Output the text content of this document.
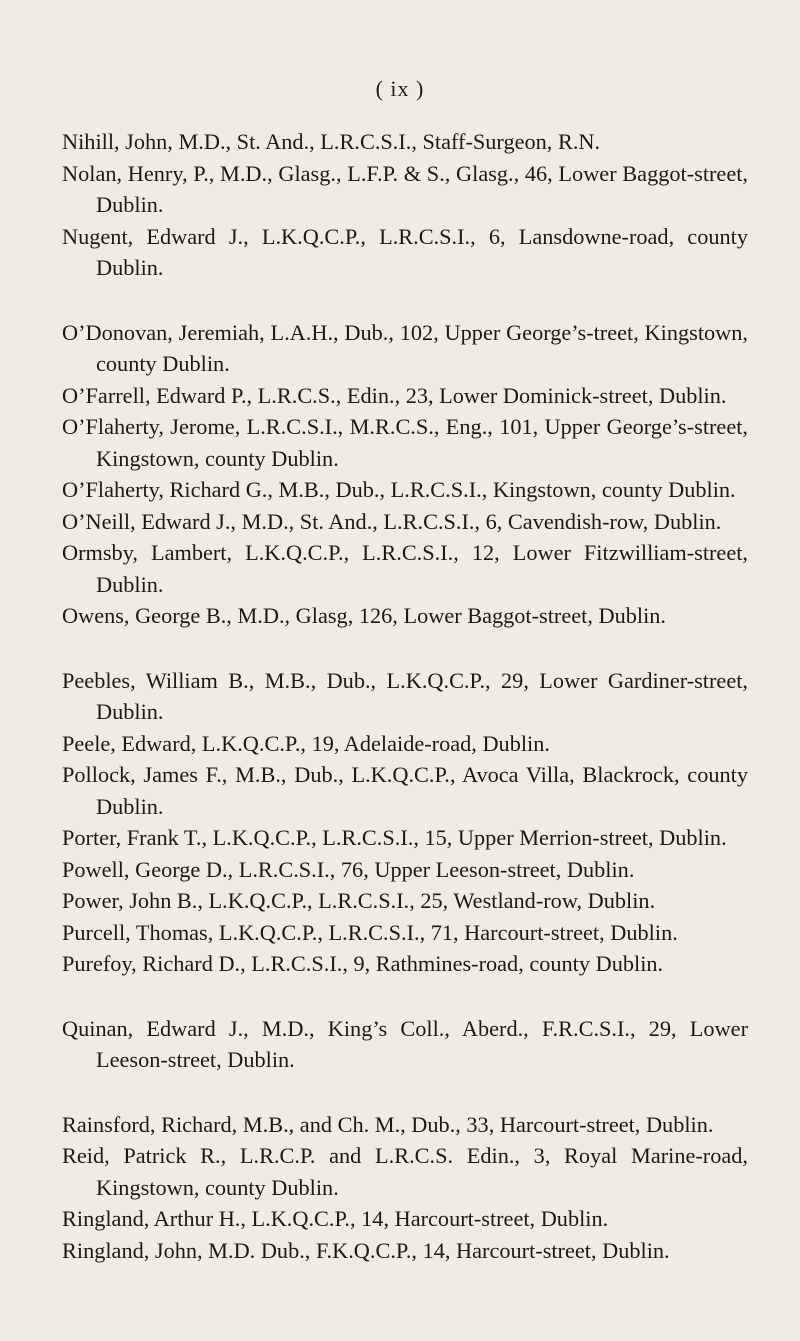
( ix )

Nihill, John, M.D., St. And., L.R.C.S.I., Staff-Surgeon, R.N.

Nolan, Henry, P., M.D., Glasg., L.F.P. & S., Glasg., 46, Lower Baggot-street, Dublin.

Nugent, Edward J., L.K.Q.C.P., L.R.C.S.I., 6, Lansdowne-road, county Dublin.

O’Donovan, Jeremiah, L.A.H., Dub., 102, Upper George’s-treet, Kingstown, county Dublin.

O’Farrell, Edward P., L.R.C.S., Edin., 23, Lower Dominick-street, Dublin.

O’Flaherty, Jerome, L.R.C.S.I., M.R.C.S., Eng., 101, Upper George’s-street, Kingstown, county Dublin.

O’Flaherty, Richard G., M.B., Dub., L.R.C.S.I., Kingstown, county Dublin.

O’Neill, Edward J., M.D., St. And., L.R.C.S.I., 6, Cavendish-row, Dublin.

Ormsby, Lambert, L.K.Q.C.P., L.R.C.S.I., 12, Lower Fitzwilliam-street, Dublin.

Owens, George B., M.D., Glasg, 126, Lower Baggot-street, Dublin.

Peebles, William B., M.B., Dub., L.K.Q.C.P., 29, Lower Gardiner-street, Dublin.

Peele, Edward, L.K.Q.C.P., 19, Adelaide-road, Dublin.

Pollock, James F., M.B., Dub., L.K.Q.C.P., Avoca Villa, Blackrock, county Dublin.

Porter, Frank T., L.K.Q.C.P., L.R.C.S.I., 15, Upper Merrion-street, Dublin.

Powell, George D., L.R.C.S.I., 76, Upper Leeson-street, Dublin.

Power, John B., L.K.Q.C.P., L.R.C.S.I., 25, Westland-row, Dublin.

Purcell, Thomas, L.K.Q.C.P., L.R.C.S.I., 71, Harcourt-street, Dublin.

Purefoy, Richard D., L.R.C.S.I., 9, Rathmines-road, county Dublin.

Quinan, Edward J., M.D., King’s Coll., Aberd., F.R.C.S.I., 29, Lower Leeson-street, Dublin.

Rainsford, Richard, M.B., and Ch. M., Dub., 33, Harcourt-street, Dublin.

Reid, Patrick R., L.R.C.P. and L.R.C.S. Edin., 3, Royal Marine-road, Kingstown, county Dublin.

Ringland, Arthur H., L.K.Q.C.P., 14, Harcourt-street, Dublin.

Ringland, John, M.D. Dub., F.K.Q.C.P., 14, Harcourt-street, Dublin.
